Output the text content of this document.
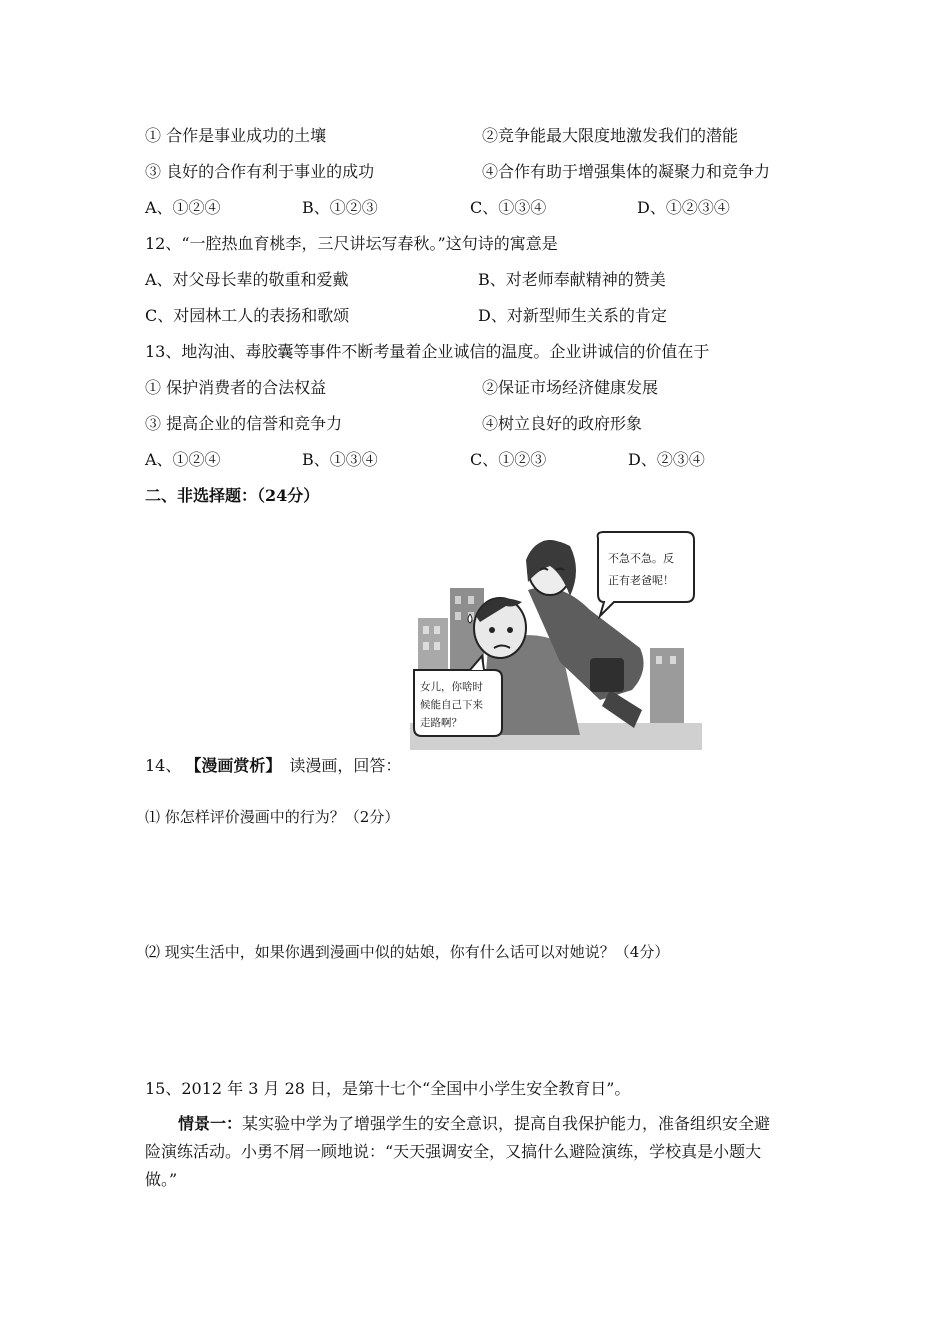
① 合作是事业成功的土壤	②竞争能最大限度地激发我们的潜能
③ 良好的合作有利于事业的成功	④合作有助于增强集体的凝聚力和竞争力
A、①②④	B、①②③	C、①③④	D、①②③④
12、“一腔热血育桃李，三尺讲坛写春秋。”这句诗的寓意是
A、对父母长辈的敬重和爱戴	B、对老师奉献精神的赞美
C、对园林工人的表扬和歌颂	D、对新型师生关系的肯定
13、地沟油、毒胶囊等事件不断考量着企业诚信的温度。企业讲诚信的价值在于
① 保护消费者的合法权益	②保证市场经济健康发展
③ 提高企业的信誉和竞争力	④树立良好的政府形象
A、①②④	B、①③④	C、①②③	D、②③④
二、非选择题：（24分）
不急不急。反
正有老爸呢！
女儿，你啥时
候能自己下来
走路啊？
14、 【漫画赏析】 读漫画，回答：
⑴ 你怎样评价漫画中的行为？（2分）
⑵ 现实生活中，如果你遇到漫画中似的姑娘，你有什么话可以对她说？（4分）
15、2012 年 3 月 28 日，是第十七个“全国中小学生安全教育日”。
情景一：某实验中学为了增强学生的安全意识，提高自我保护能力，准备组织安全避
险演练活动。小勇不屑一顾地说：“天天强调安全，又搞什么避险演练，学校真是小题大
做。”
